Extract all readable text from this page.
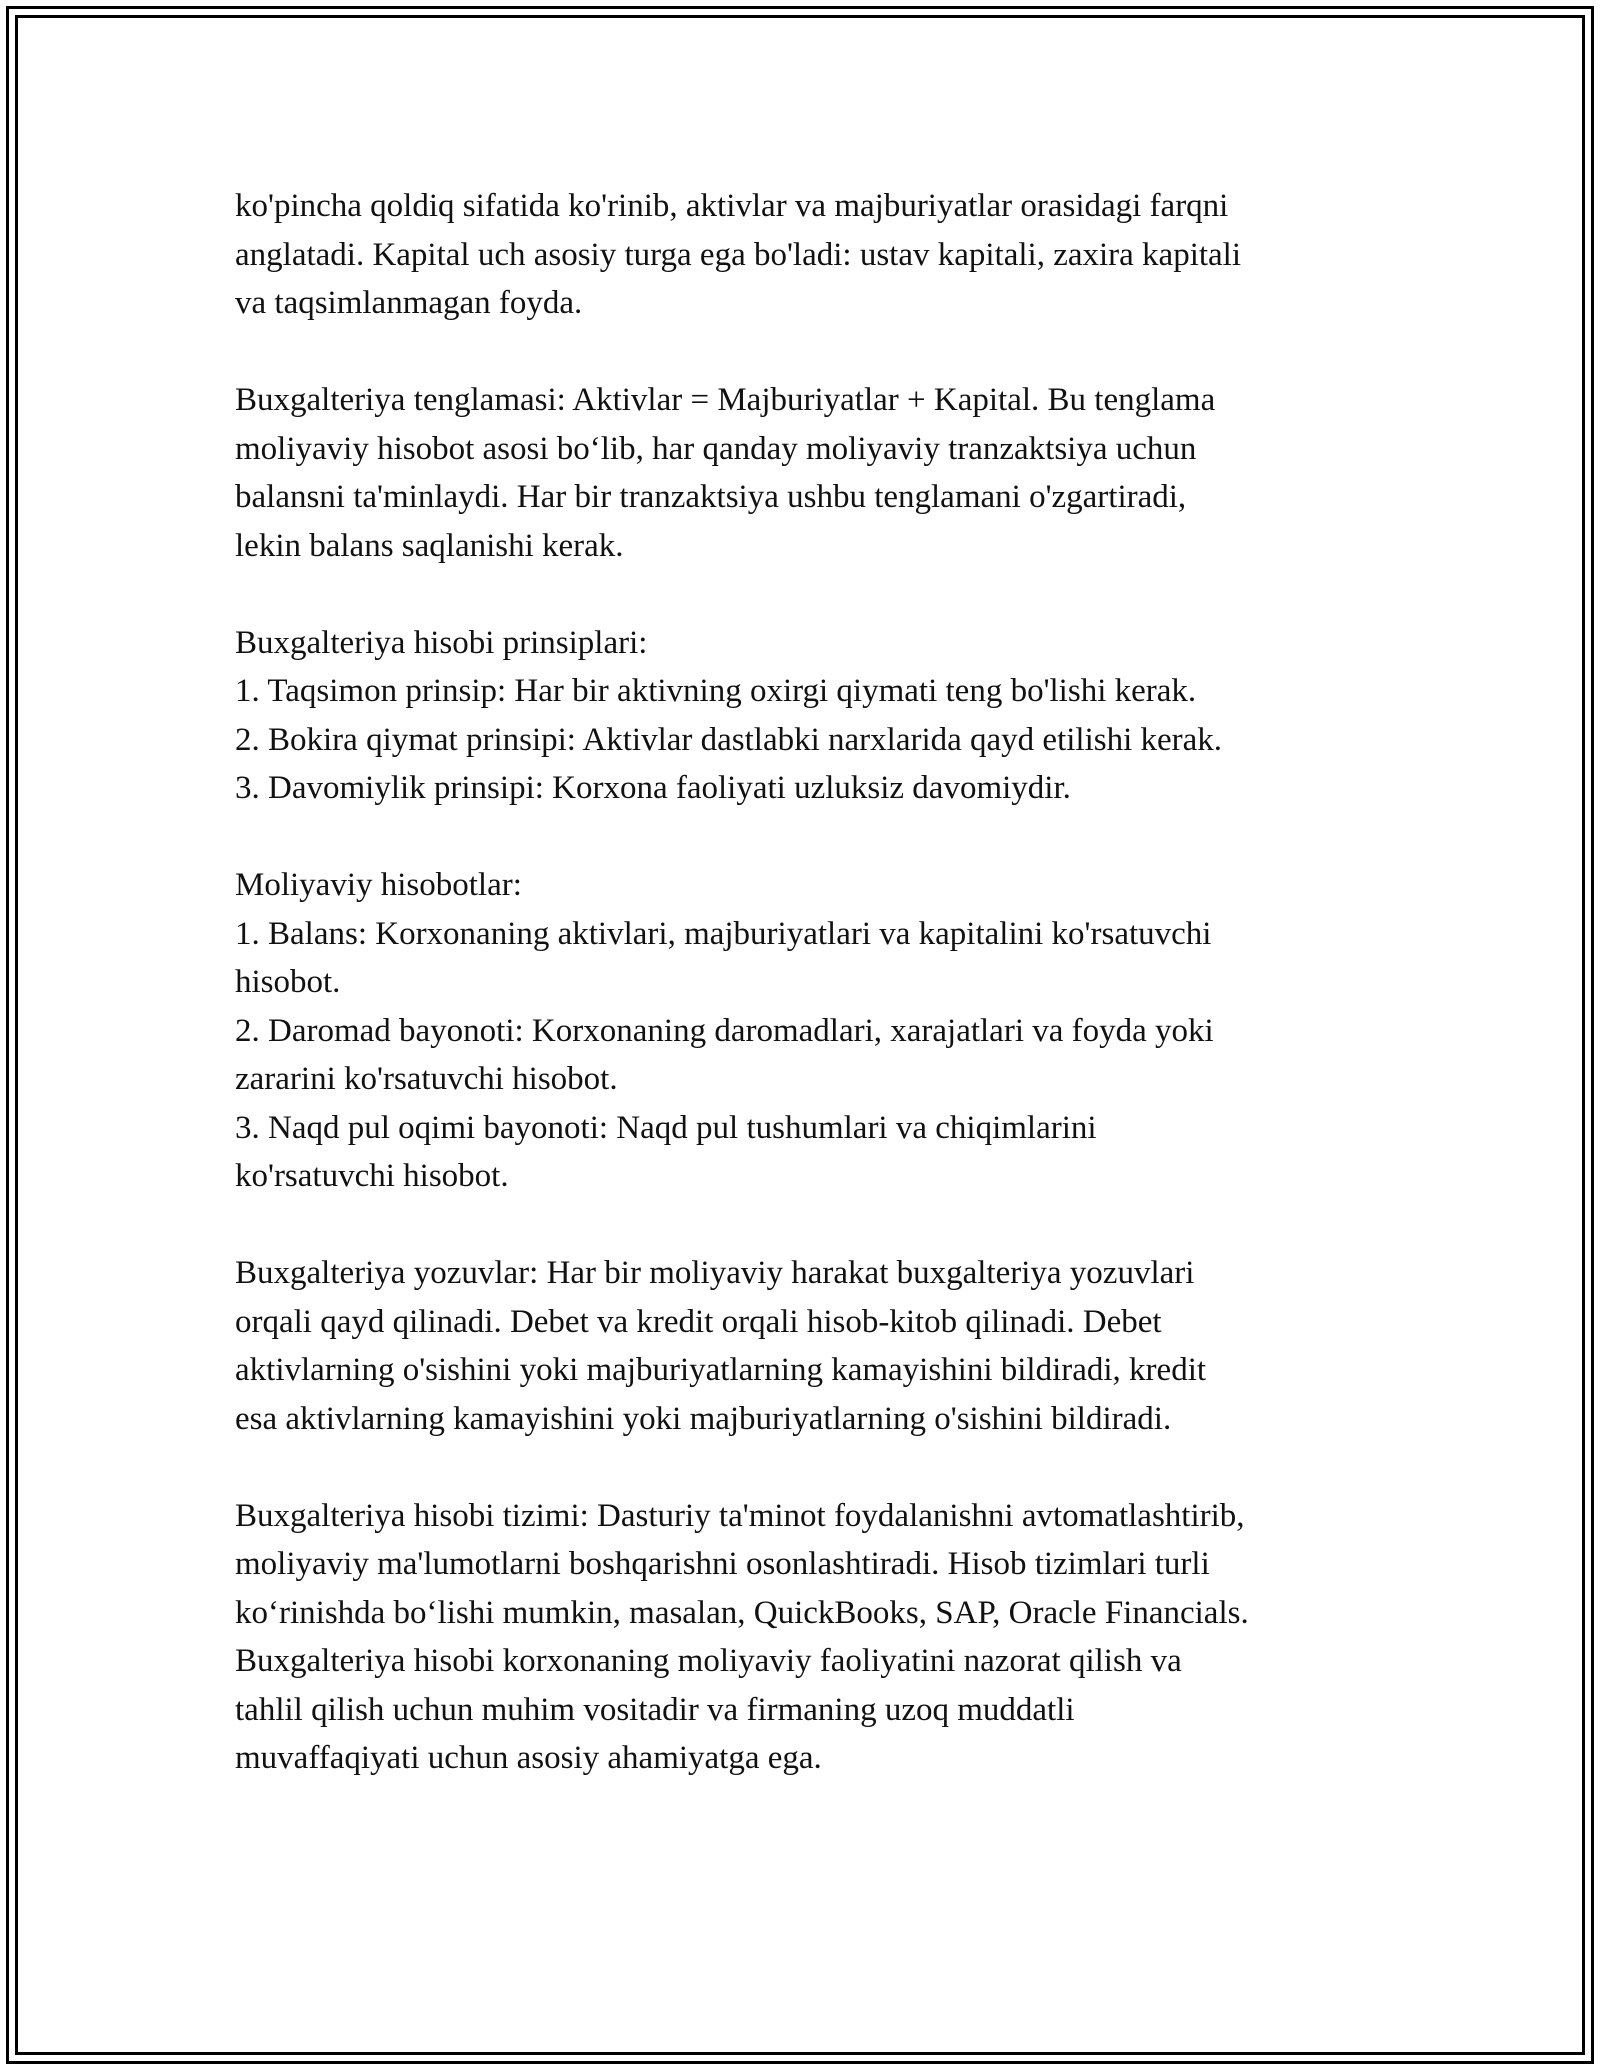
ko'pincha qoldiq sifatida ko'rinib, aktivlar va majburiyatlar orasidagi farqni
anglatadi. Kapital uch asosiy turga ega bo'ladi: ustav kapitali, zaxira kapitali
va taqsimlanmagan foyda.

Buxgalteriya tenglamasi: Aktivlar = Majburiyatlar + Kapital. Bu tenglama
moliyaviy hisobot asosi bo‘lib, har qanday moliyaviy tranzaktsiya uchun
balansni ta'minlaydi. Har bir tranzaktsiya ushbu tenglamani o'zgartiradi,
lekin balans saqlanishi kerak.

Buxgalteriya hisobi prinsiplari:
1. Taqsimon prinsip: Har bir aktivning oxirgi qiymati teng bo'lishi kerak.
2. Bokira qiymat prinsipi: Aktivlar dastlabki narxlarida qayd etilishi kerak.
3. Davomiylik prinsipi: Korxona faoliyati uzluksiz davomiydir.

Moliyaviy hisobotlar:
1. Balans: Korxonaning aktivlari, majburiyatlari va kapitalini ko'rsatuvchi
hisobot.
2. Daromad bayonoti: Korxonaning daromadlari, xarajatlari va foyda yoki
zararini ko'rsatuvchi hisobot.
3. Naqd pul oqimi bayonoti: Naqd pul tushumlari va chiqimlarini
ko'rsatuvchi hisobot.

Buxgalteriya yozuvlar: Har bir moliyaviy harakat buxgalteriya yozuvlari
orqali qayd qilinadi. Debet va kredit orqali hisob-kitob qilinadi. Debet
aktivlarning o'sishini yoki majburiyatlarning kamayishini bildiradi, kredit
esa aktivlarning kamayishini yoki majburiyatlarning o'sishini bildiradi.

Buxgalteriya hisobi tizimi: Dasturiy ta'minot foydalanishni avtomatlashtirib,
moliyaviy ma'lumotlarni boshqarishni osonlashtiradi. Hisob tizimlari turli
ko‘rinishda bo‘lishi mumkin, masalan, QuickBooks, SAP, Oracle Financials.
Buxgalteriya hisobi korxonaning moliyaviy faoliyatini nazorat qilish va
tahlil qilish uchun muhim vositadir va firmaning uzoq muddatli
muvaffaqiyati uchun asosiy ahamiyatga ega.
